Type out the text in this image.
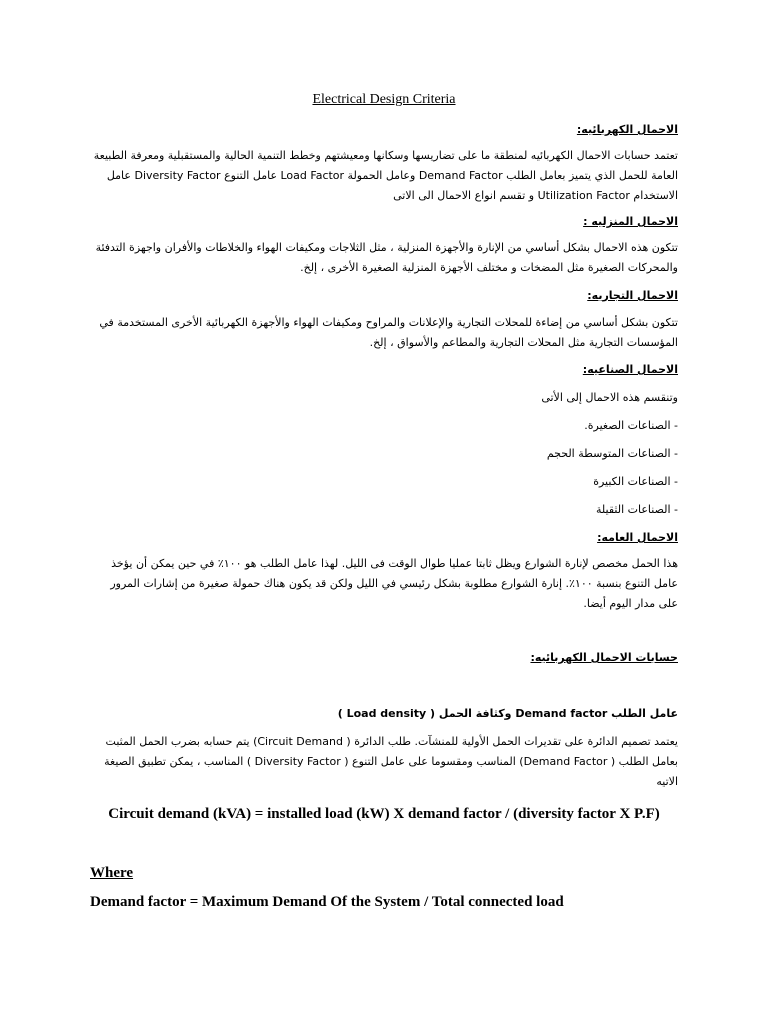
Electrical Design Criteria

الاحمال الكهربائيه:

تعتمد حسابات الاحمال الكهربائيه لمنطقة ما على تضاريسها وسكانها ومعيشتهم وخطط التنمية الحالية والمستقبلية ومعرفة الطبيعة العامة للحمل الذي يتميز بعامل الطلب Demand Factor وعامل الحمولة Load Factor عامل التنوع Diversity Factor عامل الاستخدام Utilization Factor و تقسم انواع الاحمال الى الاتى

الاحمال المنزليه :

تتكون هذه الاحمال بشكل أساسي من الإنارة والأجهزة المنزلية ، مثل الثلاجات ومكيفات الهواء والخلاطات والأفران واجهزة التدفئة والمحركات الصغيرة مثل المضخات و مختلف الأجهزة المنزلية الصغيرة الأخرى ، إلخ.

الاحمال التجاريه:

تتكون بشكل أساسي من إضاءة للمحلات التجارية والإعلانات والمراوح ومكيفات الهواء والأجهزة الكهربائية الأخرى المستخدمة في المؤسسات التجارية مثل المحلات التجارية والمطاعم والأسواق ، إلخ.

الاحمال الصناعيه:

وتنقسم هذه الاحمال إلى الأتى

- الصناعات الصغيرة.

- الصناعات المتوسطة الحجم

- الصناعات الكبيرة

- الصناعات الثقيلة

الاحمال العامه:

هذا الحمل مخصص لإنارة الشوارع ويظل ثابتا عمليا طوال الوقت فى الليل. لهذا عامل الطلب هو ١٠٠٪ في حين يمكن أن يؤخذ عامل التنوع بنسبة ١٠٠٪. إنارة الشوارع مطلوبة بشكل رئيسي في الليل ولكن قد يكون هناك حمولة صغيرة من إشارات المرور على مدار اليوم أيضا.

حسابات الاحمال الكهربائيه:

عامل الطلب Demand factor وكثافة الحمل ( Load density )

يعتمد تصميم الدائرة على تقديرات الحمل الأولية للمنشآت. طلب الدائرة ( Circuit Demand) يتم حسابه بضرب الحمل المثبت بعامل الطلب ( Demand Factor) المناسب ومقسوما على عامل التنوع ( Diversity Factor ) المناسب ، يمكن تطبيق الصيغة الاتيه

Circuit demand (kVA) = installed load (kW) X demand factor / (diversity factor X P.F)

Where

Demand factor = Maximum Demand Of the System / Total connected load
